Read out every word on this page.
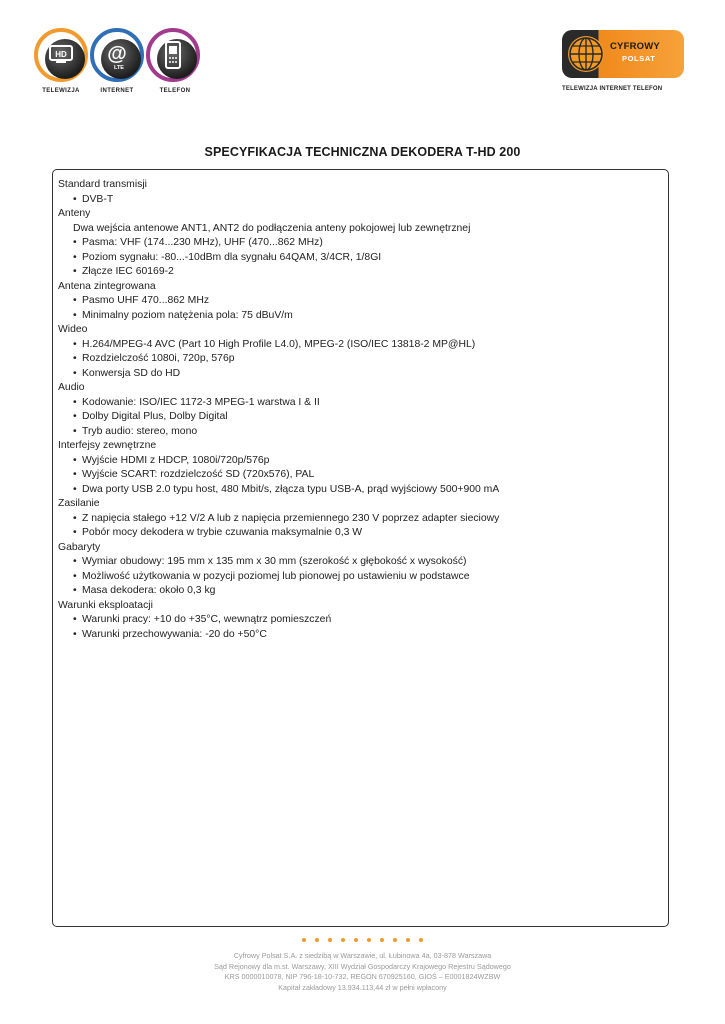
HD @
LTE
TELEWIZJA	INTERNET	TELEFON
CYFROWY
POLSAT
TELEWIZJA INTERNET TELEFON
SPECYFIKACJA TECHNICZNA DEKODERA T-HD 200
Standard transmisji
• DVB-T
Anteny
Dwa wejścia antenowe ANT1, ANT2 do podłączenia anteny pokojowej lub zewnętrznej
• Pasma: VHF (174...230 MHz), UHF (470...862 MHz)
• Poziom sygnału: -80...-10dBm dla sygnału 64QAM, 3/4CR, 1/8GI
• Złącze IEC 60169-2
Antena zintegrowana
• Pasmo UHF 470...862 MHz
• Minimalny poziom natężenia pola: 75 dBuV/m
Wideo
• H.264/MPEG-4 AVC (Part 10 High Profile L4.0), MPEG-2 (ISO/IEC 13818-2 MP@HL)
• Rozdzielczość 1080i, 720p, 576p
• Konwersja SD do HD
Audio
• Kodowanie: ISO/IEC 1172-3 MPEG-1 warstwa I & II
• Dolby Digital Plus, Dolby Digital
• Tryb audio: stereo, mono
Interfejsy zewnętrzne
• Wyjście HDMI z HDCP, 1080i/720p/576p
• Wyjście SCART: rozdzielczość SD (720x576), PAL
• Dwa porty USB 2.0 typu host, 480 Mbit/s, złącza typu USB-A, prąd wyjściowy 500+900 mA
Zasilanie
• Z napięcia stałego +12 V/2 A lub z napięcia przemiennego 230 V poprzez adapter sieciowy
• Pobór mocy dekodera w trybie czuwania maksymalnie 0,3 W
Gabaryty
• Wymiar obudowy: 195 mm x 135 mm x 30 mm (szerokość x głębokość x wysokość)
• Możliwość użytkowania w pozycji poziomej lub pionowej po ustawieniu w podstawce
• Masa dekodera: około 0,3 kg
Warunki eksploatacji
• Warunki pracy: +10 do +35°C, wewnątrz pomieszczeń
• Warunki przechowywania: -20 do +50°C
Cyfrowy Polsat S.A. z siedzibą w Warszawie, ul. Łubinowa 4a, 03-878 Warszawa
Sąd Rejonowy dla m.st. Warszawy, XIII Wydział Gospodarczy Krajowego Rejestru Sądowego
KRS 0000010078, NIP 796-18-10-732, REGON 670925160, GIOŚ – E0001824WZBW
Kapitał zakładowy 13.934.113,44 zł w pełni wpłacony
